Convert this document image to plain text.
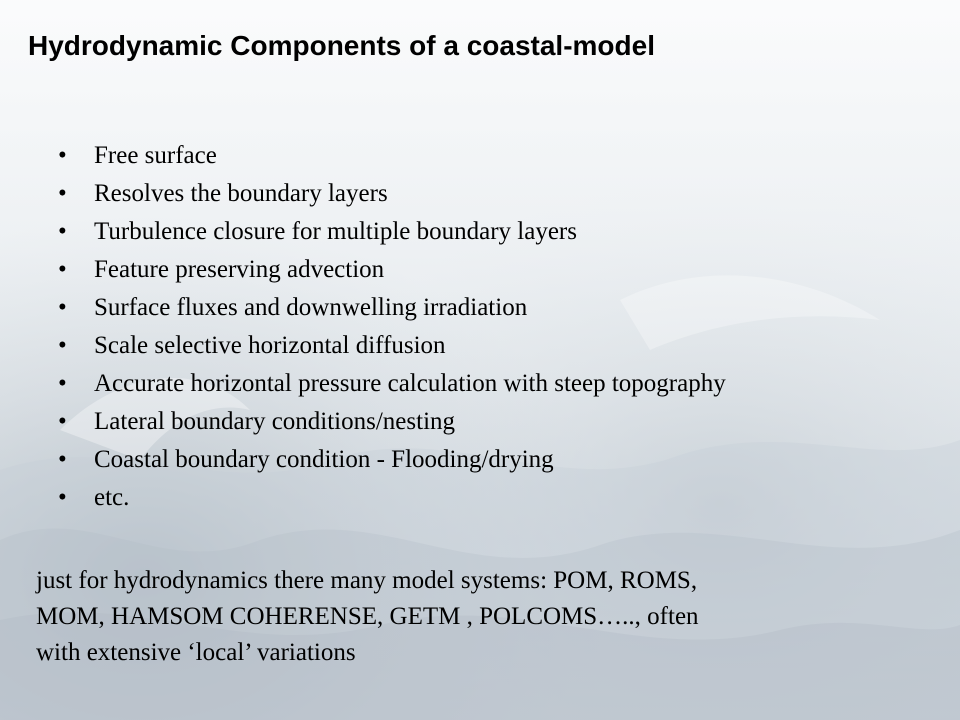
Hydrodynamic Components of a coastal-model
•	Free surface
•	Resolves the boundary layers
•	Turbulence closure for multiple boundary layers
•	Feature preserving advection
•	Surface fluxes and downwelling irradiation
•	Scale selective horizontal diffusion
•	Accurate horizontal pressure calculation with steep topography
•	Lateral boundary conditions/nesting
•	Coastal boundary condition - Flooding/drying
•	etc.

just for hydrodynamics there many model systems: POM, ROMS,
MOM, HAMSOM COHERENSE, GETM , POLCOMS….., often
with extensive ‘local’ variations
